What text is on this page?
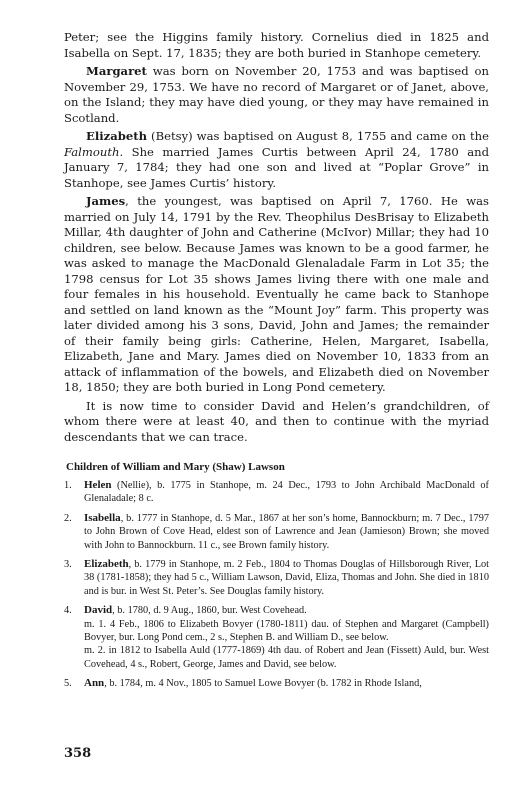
Peter; see the Higgins family history. Cornelius died in 1825 and Isabella on Sept. 17, 1835; they are both buried in Stanhope cemetery.

Margaret was born on November 20, 1753 and was baptised on November 29, 1753. We have no record of Margaret or of Janet, above, on the Island; they may have died young, or they may have remained in Scotland.

Elizabeth (Betsy) was baptised on August 8, 1755 and came on the Falmouth. She married James Curtis between April 24, 1780 and January 7, 1784; they had one son and lived at “Poplar Grove” in Stanhope, see James Curtis’ history.

James, the youngest, was baptised on April 7, 1760. He was married on July 14, 1791 by the Rev. Theophilus DesBrisay to Elizabeth Millar, 4th daughter of John and Catherine (McIvor) Millar; they had 10 children, see below. Because James was known to be a good farmer, he was asked to manage the MacDonald Glenaladale Farm in Lot 35; the 1798 census for Lot 35 shows James living there with one male and four females in his household. Eventually he came back to Stanhope and settled on land known as the “Mount Joy” farm. This property was later divided among his 3 sons, David, John and James; the remainder of their family being girls: Catherine, Helen, Margaret, Isabella, Elizabeth, Jane and Mary. James died on November 10, 1833 from an attack of inflammation of the bowels, and Elizabeth died on November 18, 1850; they are both buried in Long Pond cemetery.

It is now time to consider David and Helen’s grandchildren, of whom there were at least 40, and then to continue with the myriad descendants that we can trace.

Children of William and Mary (Shaw) Lawson
1. Helen (Nellie), b. 1775 in Stanhope, m. 24 Dec., 1793 to John Archibald MacDonald of Glenaladale; 8 c.
2. Isabella, b. 1777 in Stanhope, d. 5 Mar., 1867 at her son’s home, Bannockburn; m. 7 Dec., 1797 to John Brown of Cove Head, eldest son of Lawrence and Jean (Jamieson) Brown; she moved with John to Bannockburn. 11 c., see Brown family history.
3. Elizabeth, b. 1779 in Stanhope, m. 2 Feb., 1804 to Thomas Douglas of Hillsborough River, Lot 38 (1781-1858); they had 5 c., William Lawson, David, Eliza, Thomas and John. She died in 1810 and is bur. in West St. Peter’s. See Douglas family history.
4. David, b. 1780, d. 9 Aug., 1860, bur. West Covehead.
m. 1. 4 Feb., 1806 to Elizabeth Bovyer (1780-1811) dau. of Stephen and Margaret (Campbell) Bovyer, bur. Long Pond cem., 2 s., Stephen B. and William D., see below.
m. 2. in 1812 to Isabella Auld (1777-1869) 4th dau. of Robert and Jean (Fissett) Auld, bur. West Covehead, 4 s., Robert, George, James and David, see below.
5. Ann, b. 1784, m. 4 Nov., 1805 to Samuel Lowe Bovyer (b. 1782 in Rhode Island,
358
